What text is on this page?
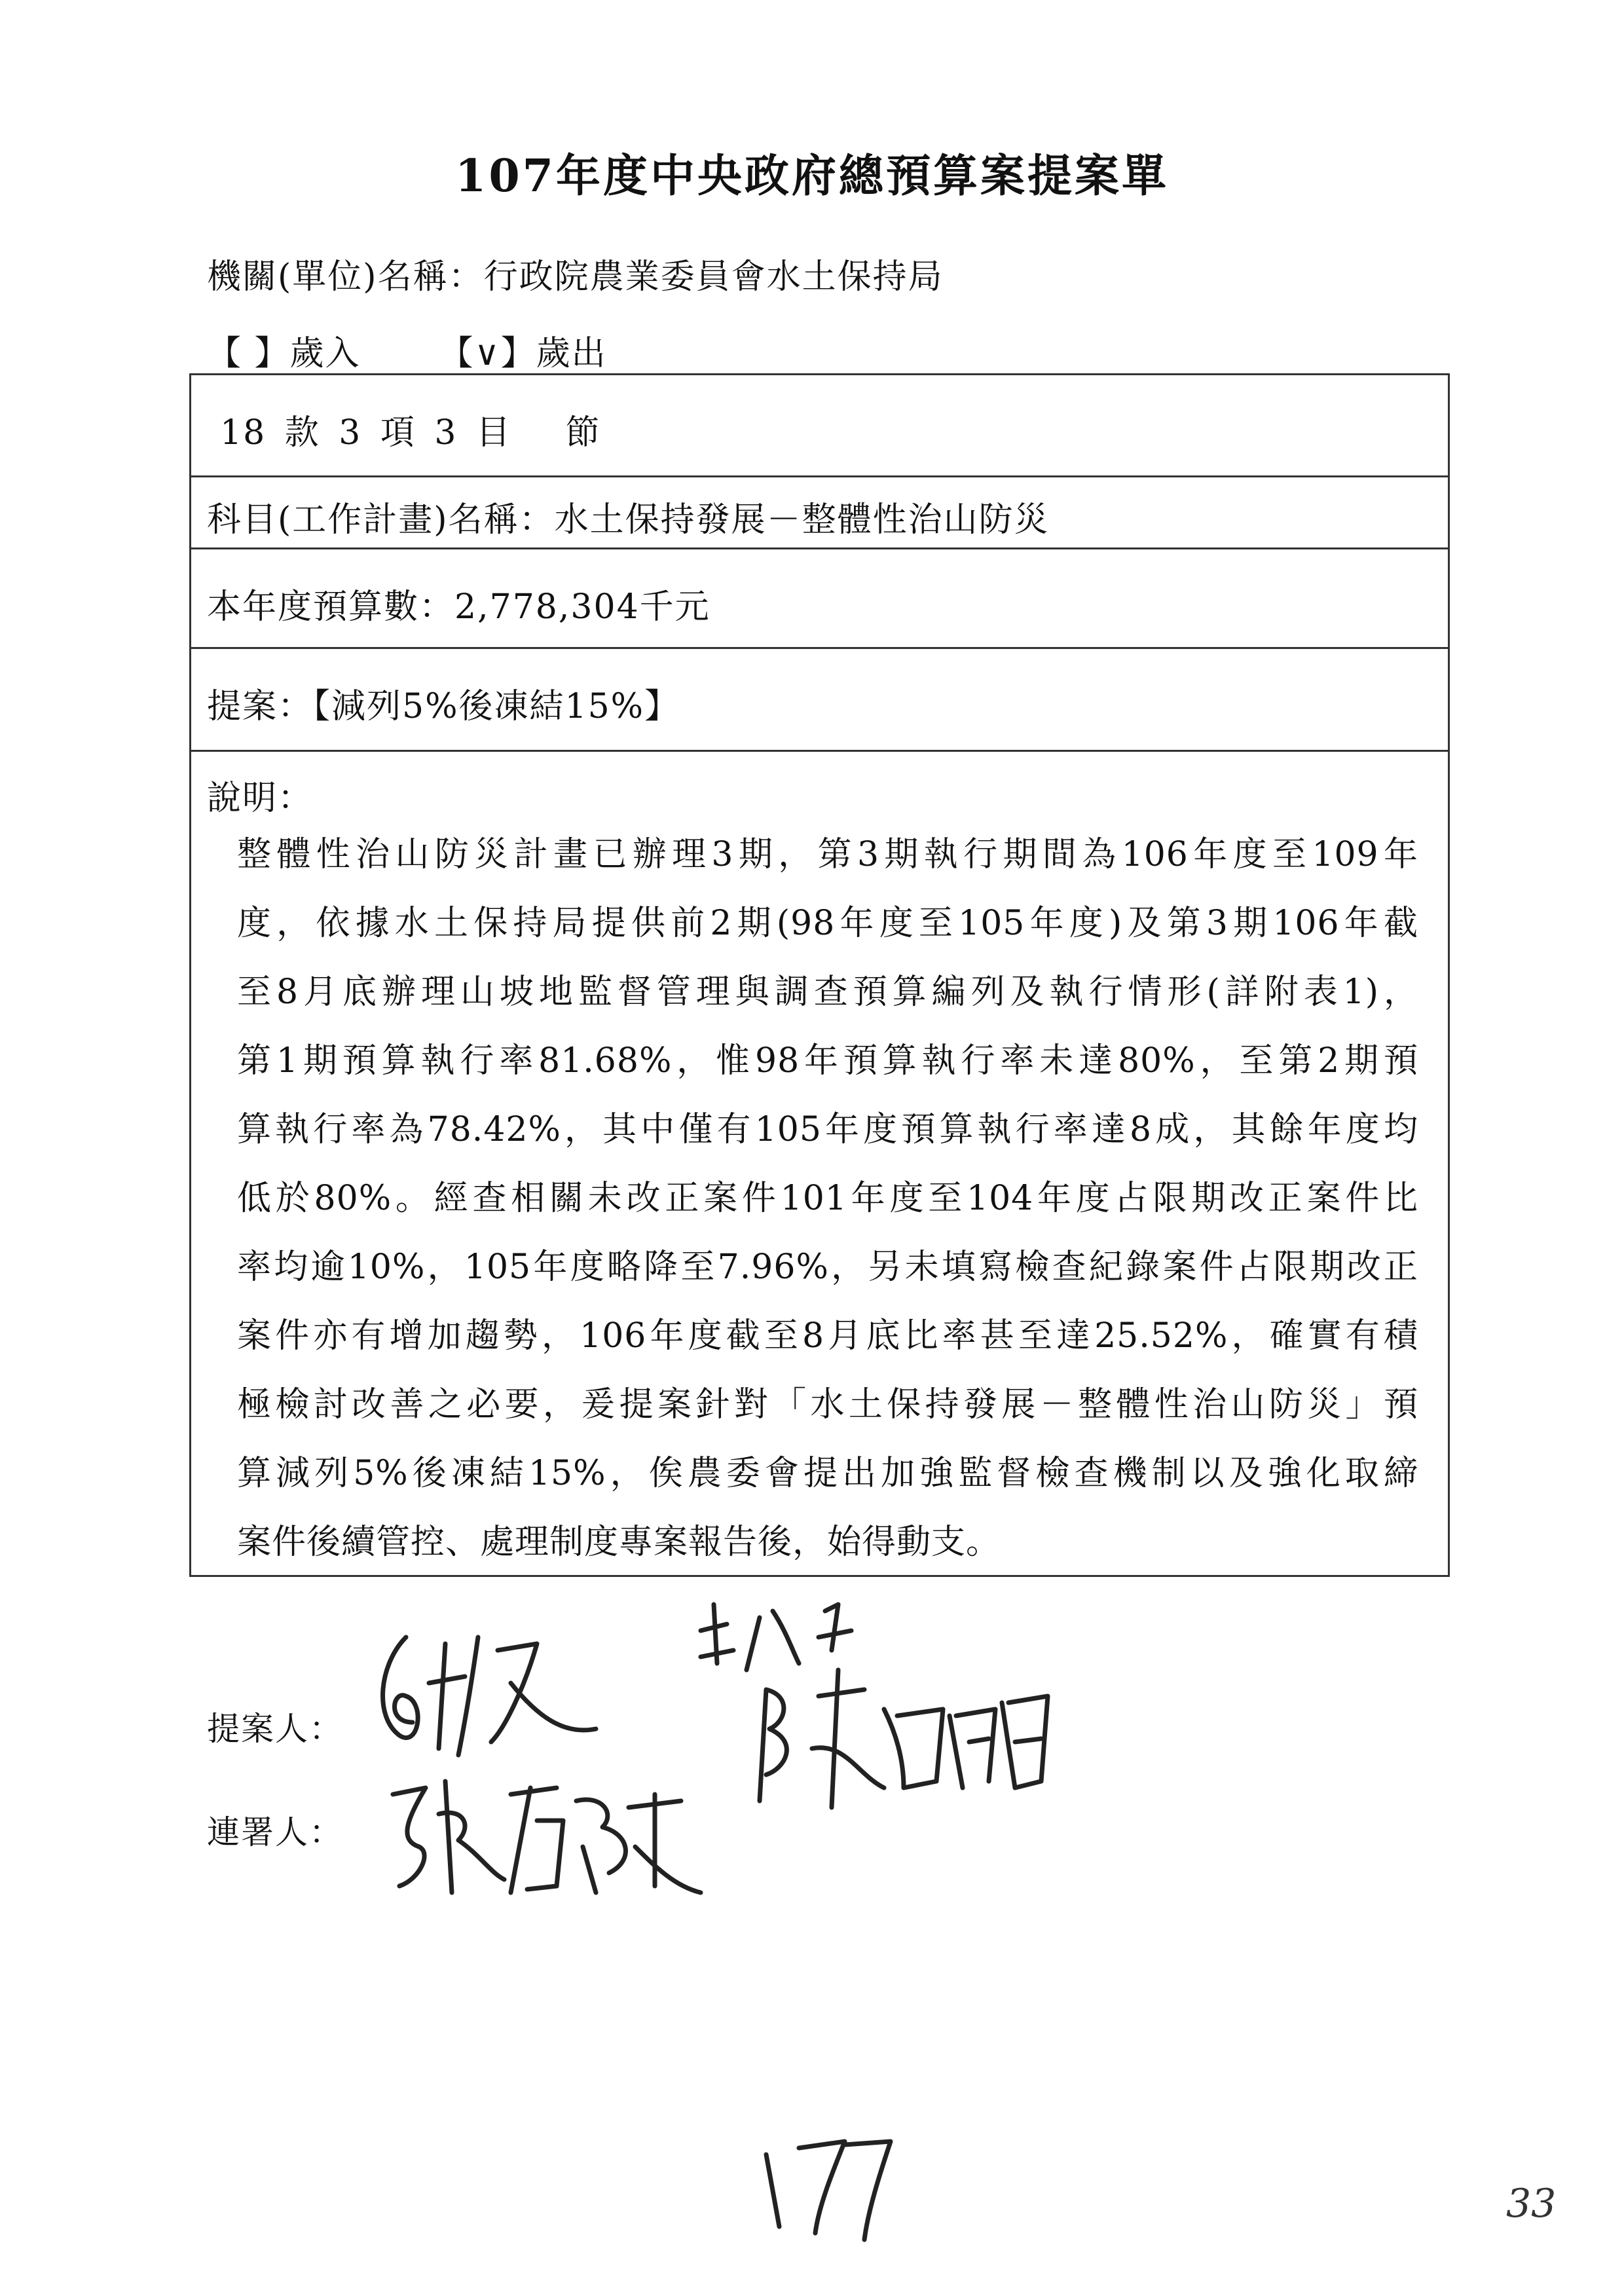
107年度中央政府總預算案提案單
機關(單位)名稱：行政院農業委員會水土保持局
【 】歲入 【∨】歲出
18 款 3 項 3 目　 節
科目(工作計畫)名稱：水土保持發展－整體性治山防災
本年度預算數：2,778,304千元
提案：【減列5%後凍結15%】
說明：
整體性治山防災計畫已辦理3期，第3期執行期間為106年度至109年
度，依據水土保持局提供前2期(98年度至105年度)及第3期106年截
至8月底辦理山坡地監督管理與調查預算編列及執行情形(詳附表1)，
第1期預算執行率81.68%，惟98年預算執行率未達80%，至第2期預
算執行率為78.42%，其中僅有105年度預算執行率達8成，其餘年度均
低於80%。經查相關未改正案件101年度至104年度占限期改正案件比
率均逾10%，105年度略降至7.96%，另未填寫檢查紀錄案件占限期改正
案件亦有增加趨勢，106年度截至8月底比率甚至達25.52%，確實有積
極檢討改善之必要，爰提案針對「水土保持發展－整體性治山防災」預
算減列5%後凍結15%，俟農委會提出加強監督檢查機制以及強化取締
案件後續管控、處理制度專案報告後，始得動支。
提案人：
連署人：
33
